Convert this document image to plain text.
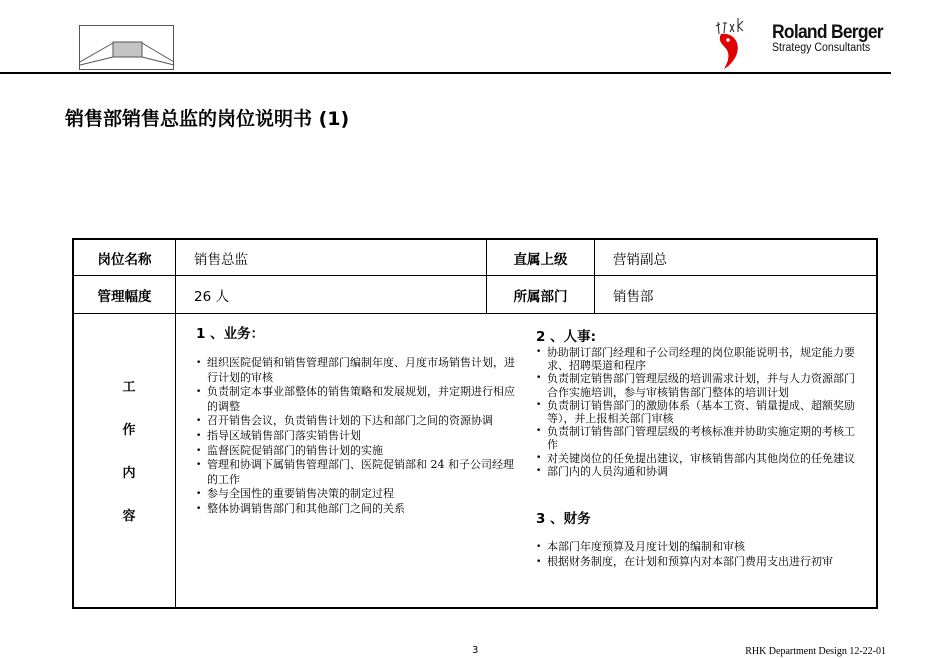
Roland Berger
Strategy Consultants
销售部销售总监的岗位说明书 (1)
岗位名称	销售总监	直属上级	营销副总
管理幅度	26 人	所属部门	销售部
工
作
内
容
1 、业务：
• 组织医院促销和销售管理部门编制年度、月度市场销售计划，进行计划的审核
• 负责制定本事业部整体的销售策略和发展规划，并定期进行相应的调整
• 召开销售会议，负责销售计划的下达和部门之间的资源协调
• 指导区域销售部门落实销售计划
• 监督医院促销部门的销售计划的实施
• 管理和协调下属销售管理部门、医院促销部和 24 和子公司经理的工作
• 参与全国性的重要销售决策的制定过程
• 整体协调销售部门和其他部门之间的关系
2 、人事:
• 协助制订部门经理和子公司经理的岗位职能说明书，规定能力要求、招聘渠道和程序
• 负责制定销售部门管理层级的培训需求计划，并与人力资源部门合作实施培训，参与审核销售部门整体的培训计划
• 负责制订销售部门的激励体系（基本工资、销量提成、超额奖励等），并上报相关部门审核
• 负责制订销售部门管理层级的考核标准并协助实施定期的考核工作
• 对关键岗位的任免提出建议，审核销售部内其他岗位的任免建议
• 部门内的人员沟通和协调
3 、财务
• 本部门年度预算及月度计划的编制和审核
• 根据财务制度，在计划和预算内对本部门费用支出进行初审
3	RHK Department Design 12-22-01
